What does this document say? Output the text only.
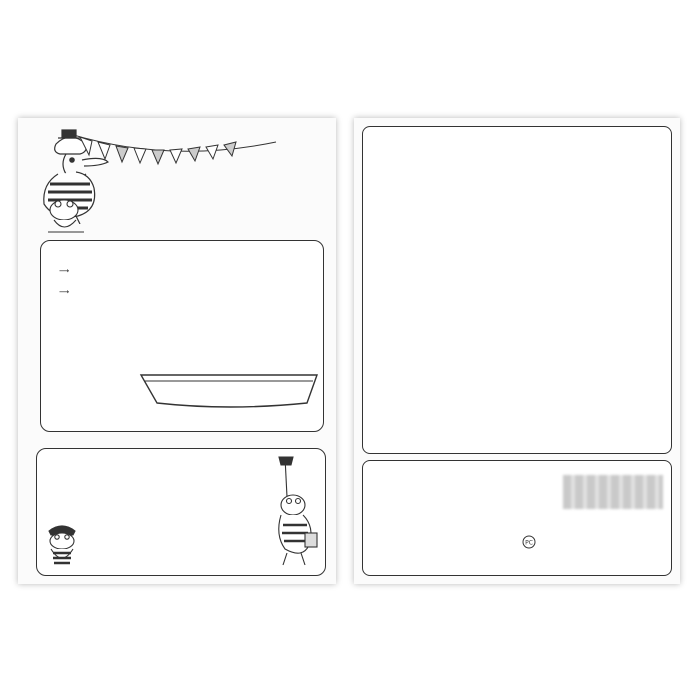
⟶
⟶
PC
